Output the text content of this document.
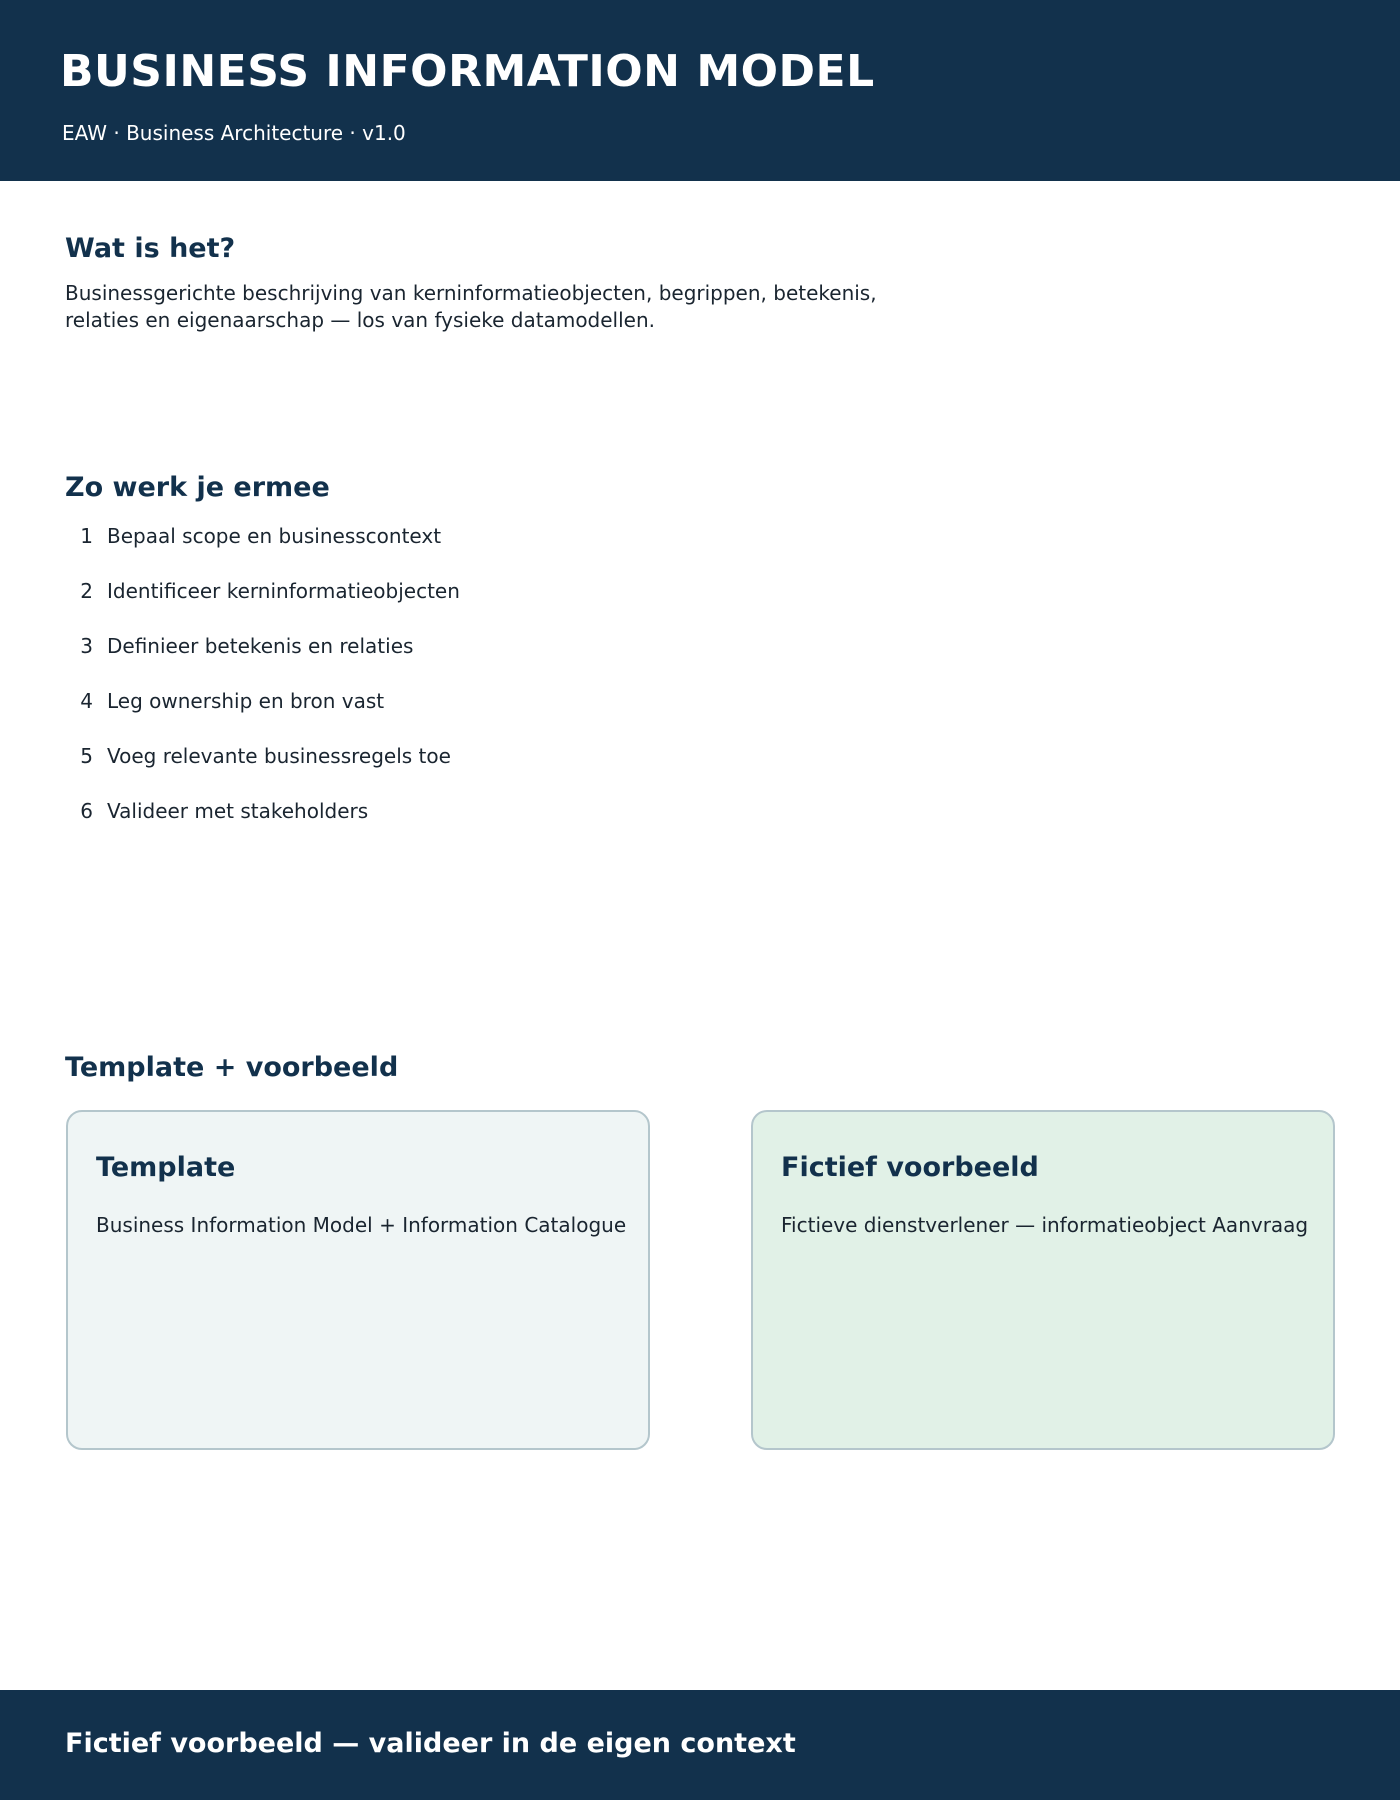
BUSINESS INFORMATION MODEL
EAW · Business Architecture · v1.0
Wat is het?
Businessgerichte beschrijving van kerninformatieobjecten, begrippen, betekenis, relaties en eigenaarschap — los van fysieke datamodellen.
Zo werk je ermee
1 Bepaal scope en businesscontext
2 Identificeer kerninformatieobjecten
3 Definieer betekenis en relaties
4 Leg ownership en bron vast
5 Voeg relevante businessregels toe
6 Valideer met stakeholders
Template + voorbeeld
Template
Business Information Model + Information Catalogue
Fictief voorbeeld
Fictieve dienstverlener — informatieobject Aanvraag
Fictief voorbeeld — valideer in de eigen context
